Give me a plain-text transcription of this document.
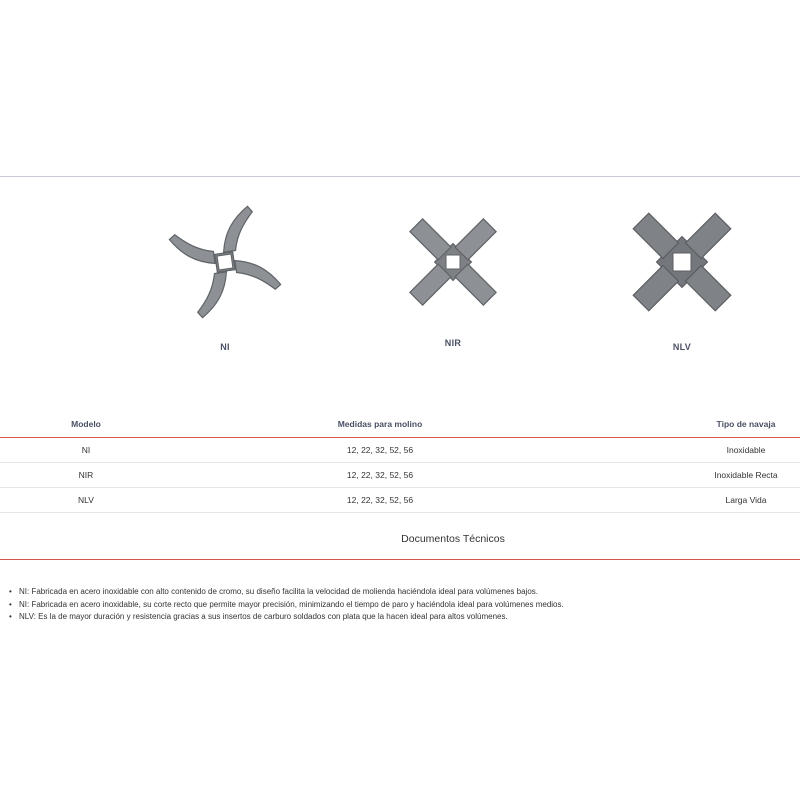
NI	NIR	NLV
Modelo	Medidas para molino	Tipo de navaja
NI	12, 22, 32, 52, 56	Inoxidable
NIR	12, 22, 32, 52, 56	Inoxidable Recta
NLV	12, 22, 32, 52, 56	Larga Vida
Documentos Técnicos
• NI: Fabricada en acero inoxidable con alto contenido de cromo, su diseño facilita la velocidad de molienda haciéndola ideal para volúmenes bajos.
• NI: Fabricada en acero inoxidable, su corte recto que permite mayor precisión, minimizando el tiempo de paro y haciéndola ideal para volúmenes medios.
• NLV: Es la de mayor duración y resistencia gracias a sus insertos de carburo soldados con plata que la hacen ideal para altos volúmenes.
